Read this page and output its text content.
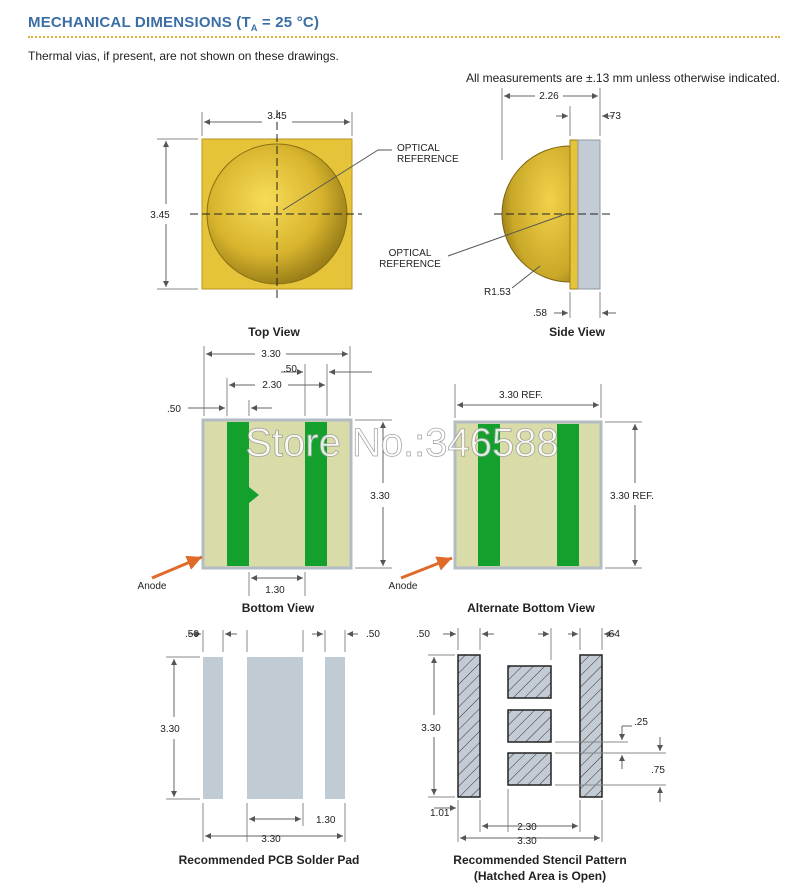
MECHANICAL DIMENSIONS ($T_A = 25$ °C)
Thermal vias, if present, are not shown on these drawings.
All measurements are ±.13 mm unless otherwise indicated.
3.45
3.45
OPTICAL
REFERENCE
Top View
2.26
.73
OPTICAL
REFERENCE
R1.53
.58
Side View
3.30
.50
2.30
.50
3.30
1.30
Anode
Bottom View
3.30 REF.
3.30 REF.
Anode
Alternate Bottom View
Store No.:346588
.50	.50
3.30
1.30
3.30
Recommended PCB Solder Pad
.50	.64
3.30
.25
.75
1.01
2.30
3.30
Recommended Stencil Pattern
(Hatched Area is Open)
